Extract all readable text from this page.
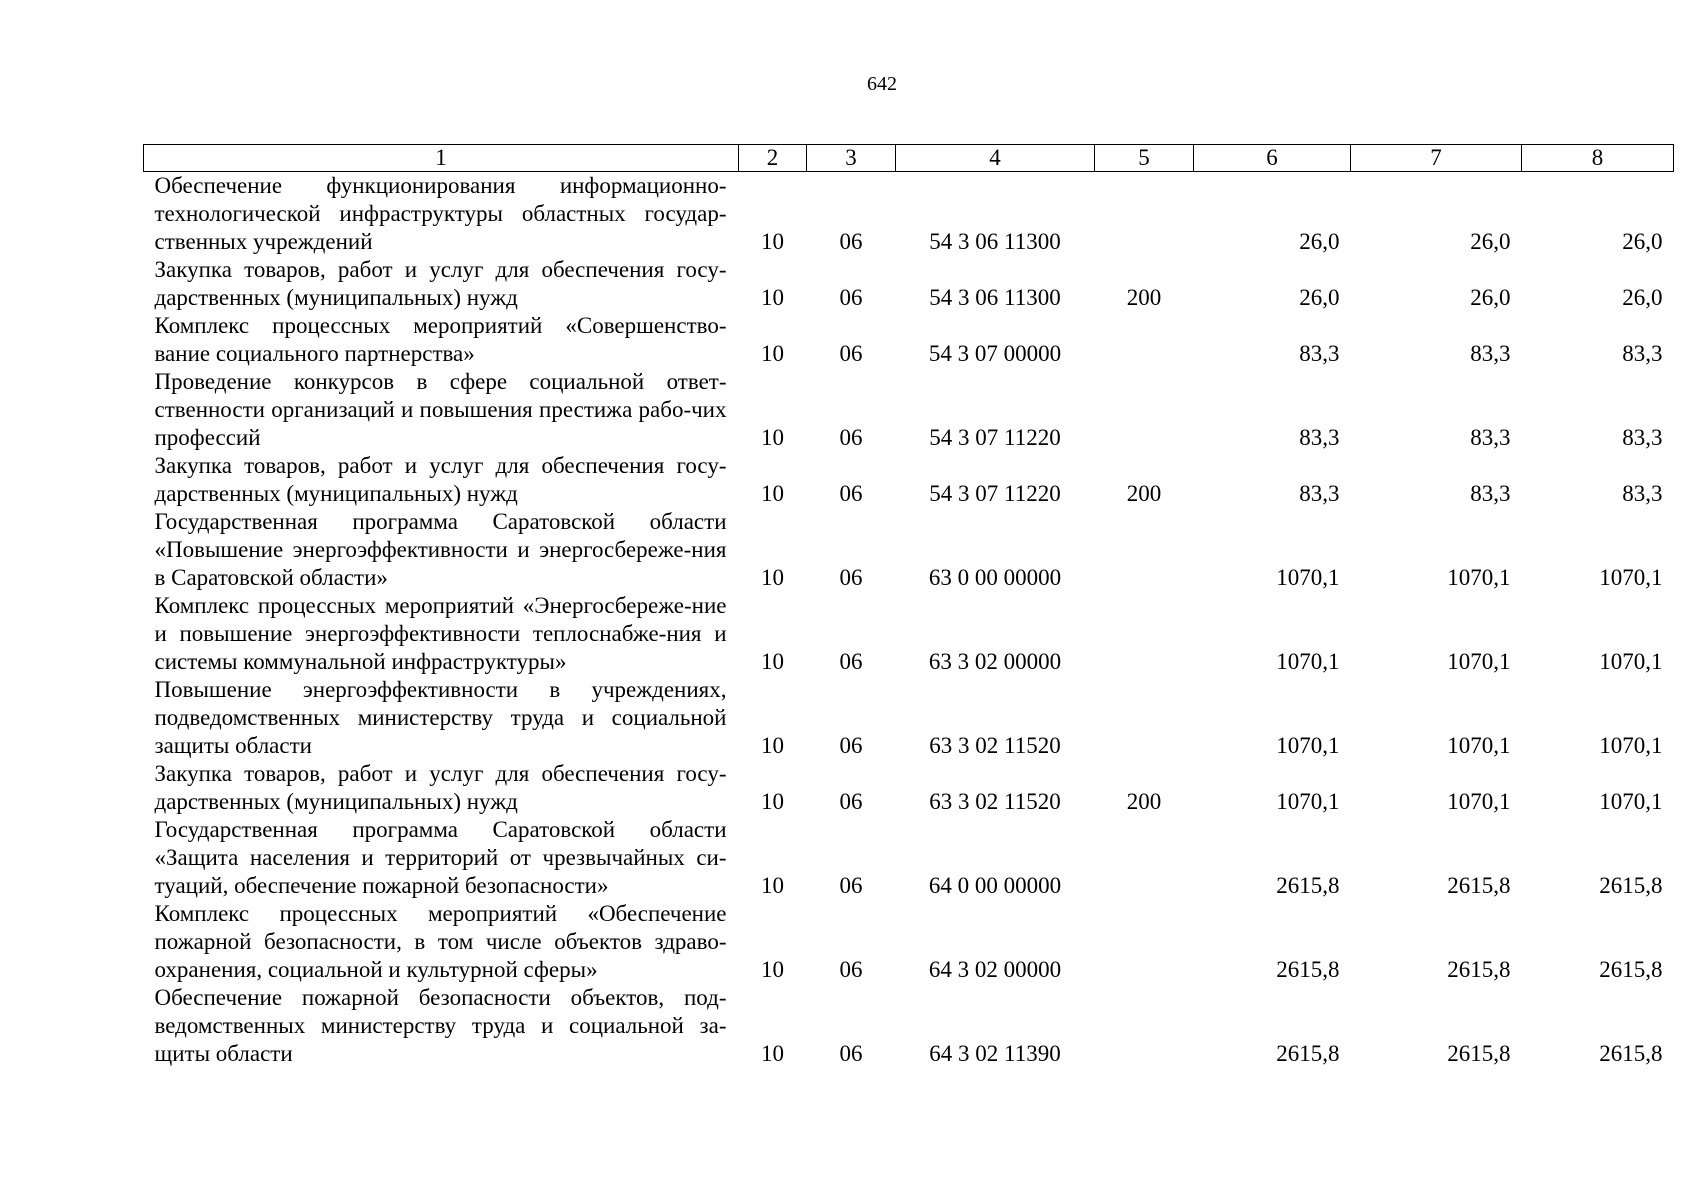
642
1	2	3	4	5	6	7	8
Обеспечение функционирования информационно-технологической инфраструктуры областных государ-ственных учреждений	10	06	54 3 06 11300		26,0	26,0	26,0
Закупка товаров, работ и услуг для обеспечения госу-дарственных (муниципальных) нужд	10	06	54 3 06 11300	200	26,0	26,0	26,0
Комплекс процессных мероприятий «Совершенство-вание социального партнерства»	10	06	54 3 07 00000		83,3	83,3	83,3
Проведение конкурсов в сфере социальной ответ-ственности организаций и повышения престижа рабо-чих профессий	10	06	54 3 07 11220		83,3	83,3	83,3
Закупка товаров, работ и услуг для обеспечения госу-дарственных (муниципальных) нужд	10	06	54 3 07 11220	200	83,3	83,3	83,3
Государственная программа Саратовской области «Повышение энергоэффективности и энергосбереже-ния в Саратовской области»	10	06	63 0 00 00000		1070,1	1070,1	1070,1
Комплекс процессных мероприятий «Энергосбереже-ние и повышение энергоэффективности теплоснабже-ния и системы коммунальной инфраструктуры»	10	06	63 3 02 00000		1070,1	1070,1	1070,1
Повышение энергоэффективности в учреждениях, подведомственных министерству труда и социальной защиты области	10	06	63 3 02 11520		1070,1	1070,1	1070,1
Закупка товаров, работ и услуг для обеспечения госу-дарственных (муниципальных) нужд	10	06	63 3 02 11520	200	1070,1	1070,1	1070,1
Государственная программа Саратовской области «Защита населения и территорий от чрезвычайных си-туаций, обеспечение пожарной безопасности»	10	06	64 0 00 00000		2615,8	2615,8	2615,8
Комплекс процессных мероприятий «Обеспечение пожарной безопасности, в том числе объектов здраво-охранения, социальной и культурной сферы»	10	06	64 3 02 00000		2615,8	2615,8	2615,8
Обеспечение пожарной безопасности объектов, под-ведомственных министерству труда и социальной за-щиты области	10	06	64 3 02 11390		2615,8	2615,8	2615,8
